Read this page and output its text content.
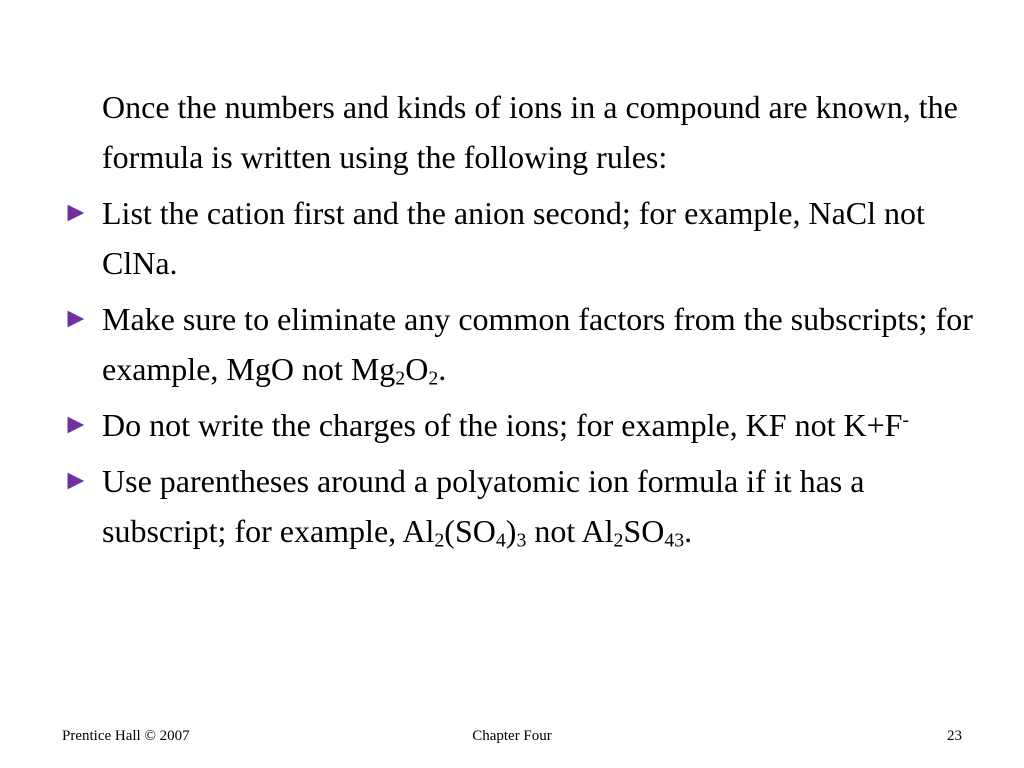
Once the numbers and kinds of ions in a compound are known, the formula is written using the following rules:

► List the cation first and the anion second; for example, NaCl not ClNa.

► Make sure to eliminate any common factors from the subscripts; for example, MgO not $Mg_2O_2$.

► Do not write the charges of the ions; for example, KF not K+F-

► Use parentheses around a polyatomic ion formula if it has a subscript; for example, $Al_2(SO_4)_3$ not $Al_2SO_{43}$.

Prentice Hall © 2007	Chapter Four	23
